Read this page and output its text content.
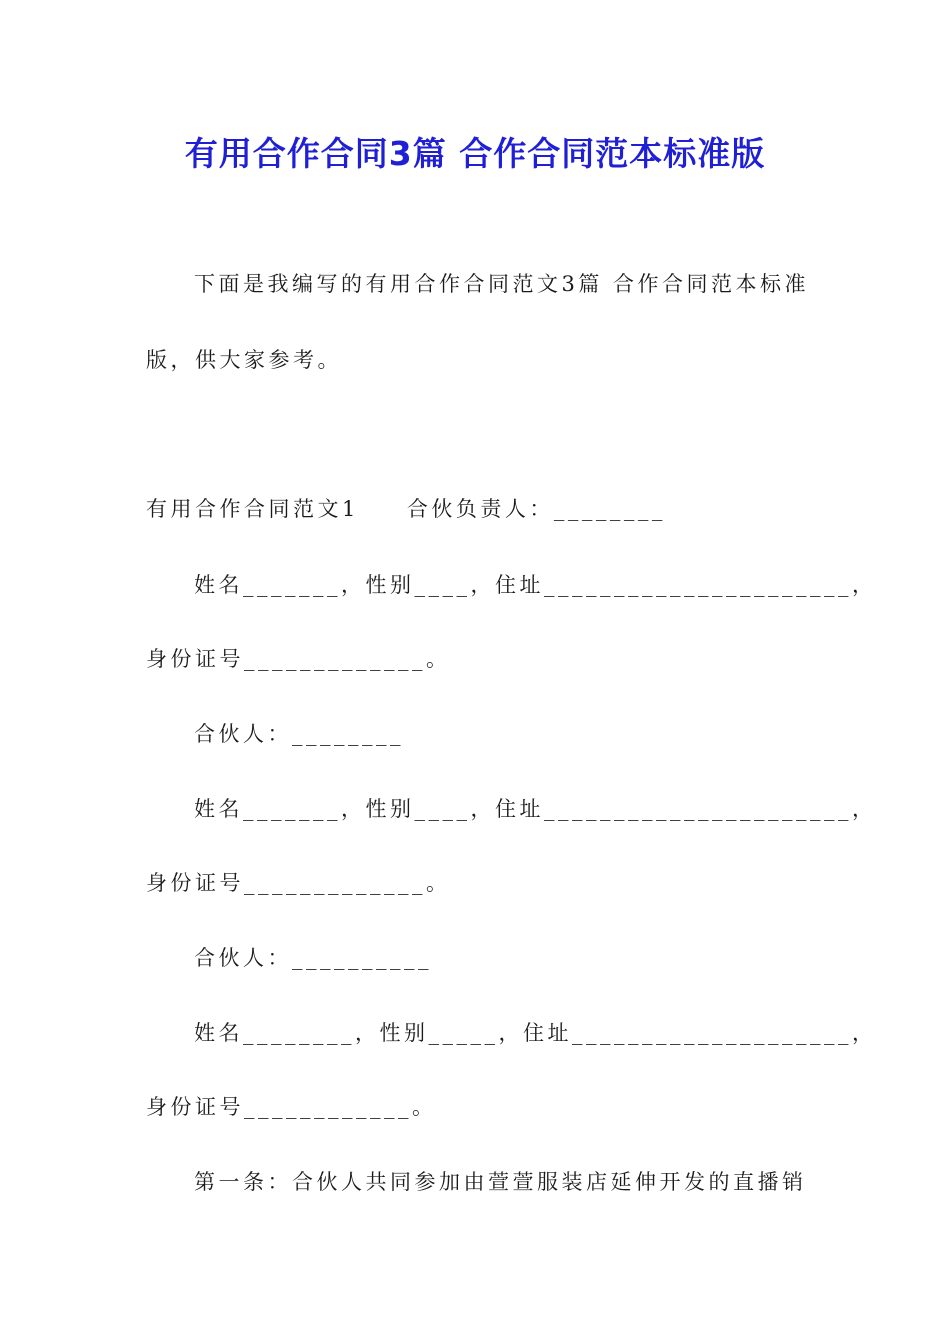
有用合作合同3篇 合作合同范本标准版
下面是我编写的有用合作合同范文3篇 合作合同范本标准
版，供大家参考。
有用合作合同范文1 合伙负责人：________
姓名_______，性别____，住址______________________，
身份证号_____________。
合伙人：________
姓名_______，性别____，住址______________________，
身份证号_____________。
合伙人：__________
姓名________，性别_____，住址____________________，
身份证号____________。
第一条：合伙人共同参加由萱萱服装店延伸开发的直播销
